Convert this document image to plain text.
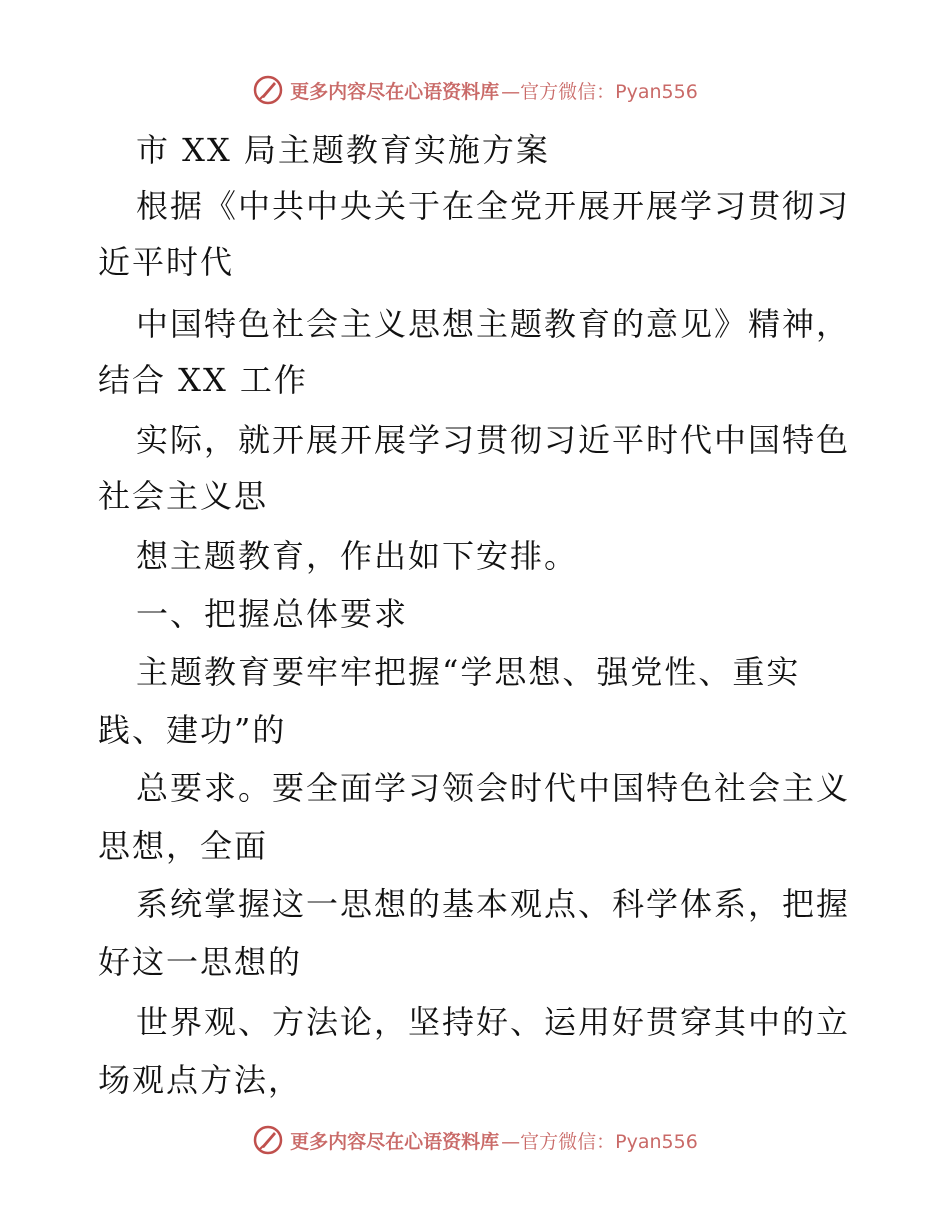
更多内容尽在心语资料库 —官方微信：Pyan556
市 XX 局主题教育实施方案
根据《中共中央关于在全党开展开展学习贯彻习
近平时代
中国特色社会主义思想主题教育的意见》精神，
结合 XX 工作
实际，就开展开展学习贯彻习近平时代中国特色
社会主义思
想主题教育，作出如下安排。
一、把握总体要求
主题教育要牢牢把握“学思想、强党性、重实
践、建功”的
总要求。要全面学习领会时代中国特色社会主义
思想，全面
系统掌握这一思想的基本观点、科学体系，把握
好这一思想的
世界观、方法论，坚持好、运用好贯穿其中的立
场观点方法，
更多内容尽在心语资料库 —官方微信：Pyan556
